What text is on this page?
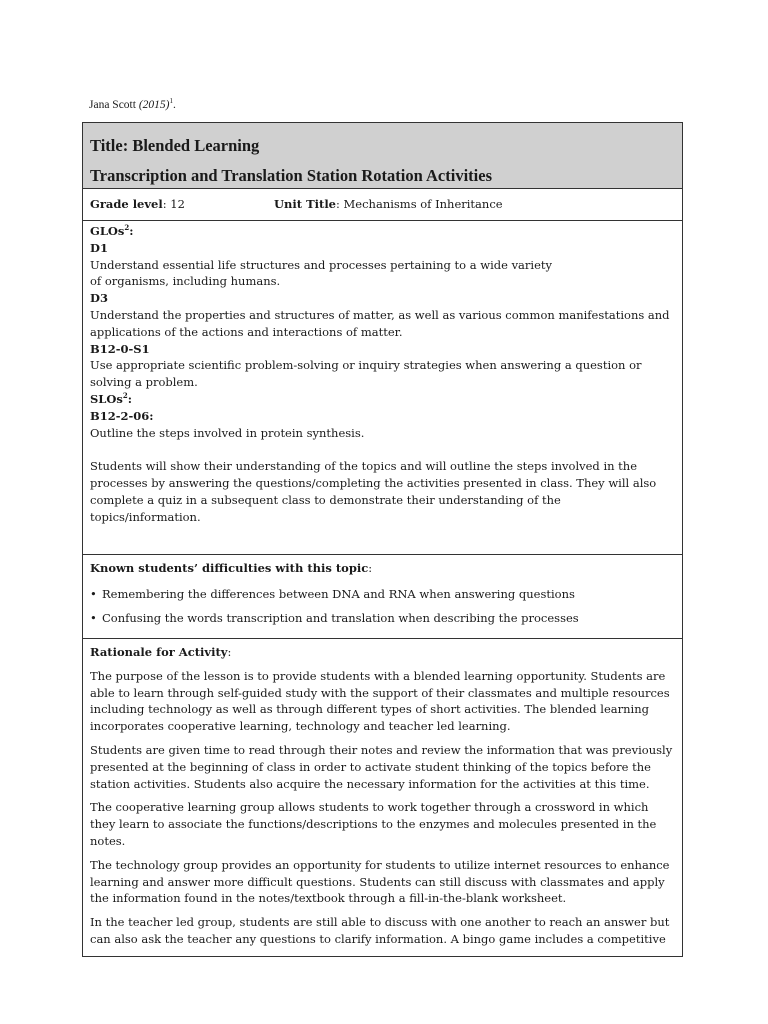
Jana Scott $(2015)^1$.
Title: Blended Learning
Transcription and Translation Station Rotation Activities
Grade level: 12	Unit Title: Mechanisms of Inheritance

GLOs$^2$:

D1

Understand essential life structures and processes pertaining to a wide variety of organisms, including humans.

D3

Understand the properties and structures of matter, as well as various common manifestations and applications of the actions and interactions of matter.

B12-0-S1

Use appropriate scientific problem-solving or inquiry strategies when answering a question or solving a problem.

SLOs$^2$:

B12-2-06:

Outline the steps involved in protein synthesis.

Students will show their understanding of the topics and will outline the steps involved in the processes by answering the questions/completing the activities presented in class. They will also complete a quiz in a subsequent class to demonstrate their understanding of the topics/information.

Known students’ difficulties with this topic:

• Remembering the differences between DNA and RNA when answering questions
• Confusing the words transcription and translation when describing the processes

Rationale for Activity:

The purpose of the lesson is to provide students with a blended learning opportunity. Students are able to learn through self-guided study with the support of their classmates and multiple resources including technology as well as through different types of short activities. The blended learning incorporates cooperative learning, technology and teacher led learning.

Students are given time to read through their notes and review the information that was previously presented at the beginning of class in order to activate student thinking of the topics before the station activities. Students also acquire the necessary information for the activities at this time.

The cooperative learning group allows students to work together through a crossword in which they learn to associate the functions/descriptions to the enzymes and molecules presented in the notes.

The technology group provides an opportunity for students to utilize internet resources to enhance learning and answer more difficult questions. Students can still discuss with classmates and apply the information found in the notes/textbook through a fill-in-the-blank worksheet.

In the teacher led group, students are still able to discuss with one another to reach an answer but can also ask the teacher any questions to clarify information. A bingo game includes a competitive
